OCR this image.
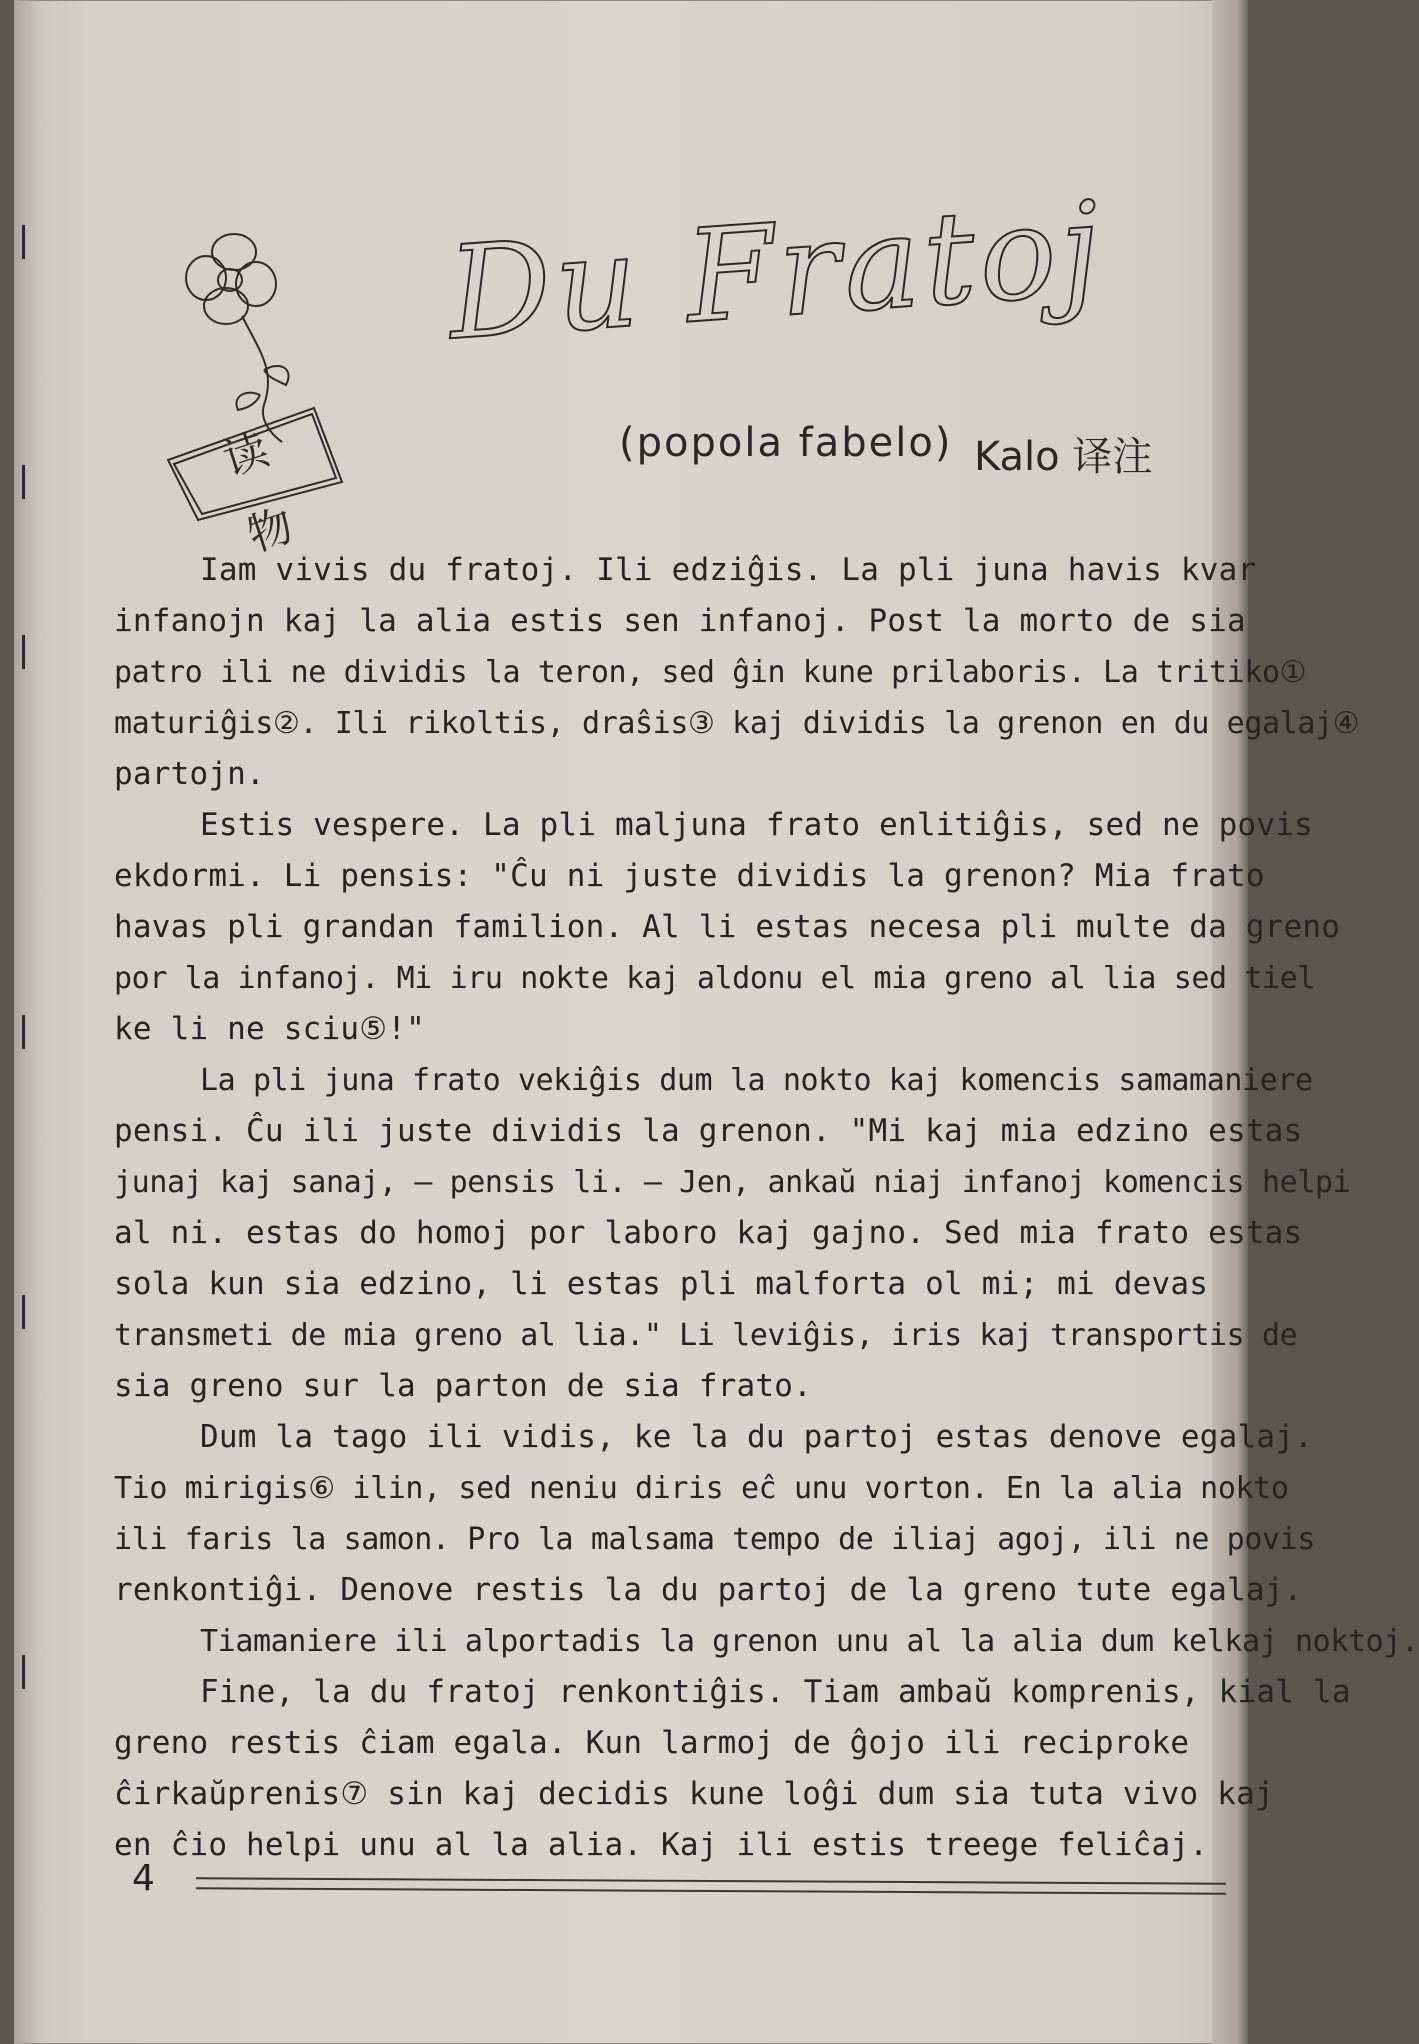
读物
Du Fratoj
(popola fabelo) Kalo 译注
Iam vivis du fratoj. Ili edziĝis. La pli juna havis kvar
infanojn kaj la alia estis sen infanoj. Post la morto de sia
patro ili ne dividis la teron, sed ĝin kune prilaboris. La tritiko①
maturiĝis②. Ili rikoltis, draŝis③ kaj dividis la grenon en du egalaj④
partojn.
Estis vespere. La pli maljuna frato enlitiĝis, sed ne povis
ekdormi. Li pensis: "Ĉu ni juste dividis la grenon? Mia frato
havas pli grandan familion. Al li estas necesa pli multe da greno
por la infanoj. Mi iru nokte kaj aldonu el mia greno al lia sed tiel
ke li ne sciu⑤!"
La pli juna frato vekiĝis dum la nokto kaj komencis samamaniere
pensi. Ĉu ili juste dividis la grenon. "Mi kaj mia edzino estas
junaj kaj sanaj, — pensis li. — Jen, ankaŭ niaj infanoj komencis helpi
al ni. estas do homoj por laboro kaj gajno. Sed mia frato estas
sola kun sia edzino, li estas pli malforta ol mi; mi devas
transmeti de mia greno al lia." Li leviĝis, iris kaj transportis de
sia greno sur la parton de sia frato.
Dum la tago ili vidis, ke la du partoj estas denove egalaj.
Tio mirigis⑥ ilin, sed neniu diris eĉ unu vorton. En la alia nokto
ili faris la samon. Pro la malsama tempo de iliaj agoj, ili ne povis
renkontiĝi. Denove restis la du partoj de la greno tute egalaj.
Tiamaniere ili alportadis la grenon unu al la alia dum kelkaj noktoj.
Fine, la du fratoj renkontiĝis. Tiam ambaŭ komprenis, kial la
greno restis ĉiam egala. Kun larmoj de ĝojo ili reciproke
ĉirkaŭprenis⑦ sin kaj decidis kune loĝi dum sia tuta vivo kaj
en ĉio helpi unu al la alia. Kaj ili estis treege feliĉaj.
4
